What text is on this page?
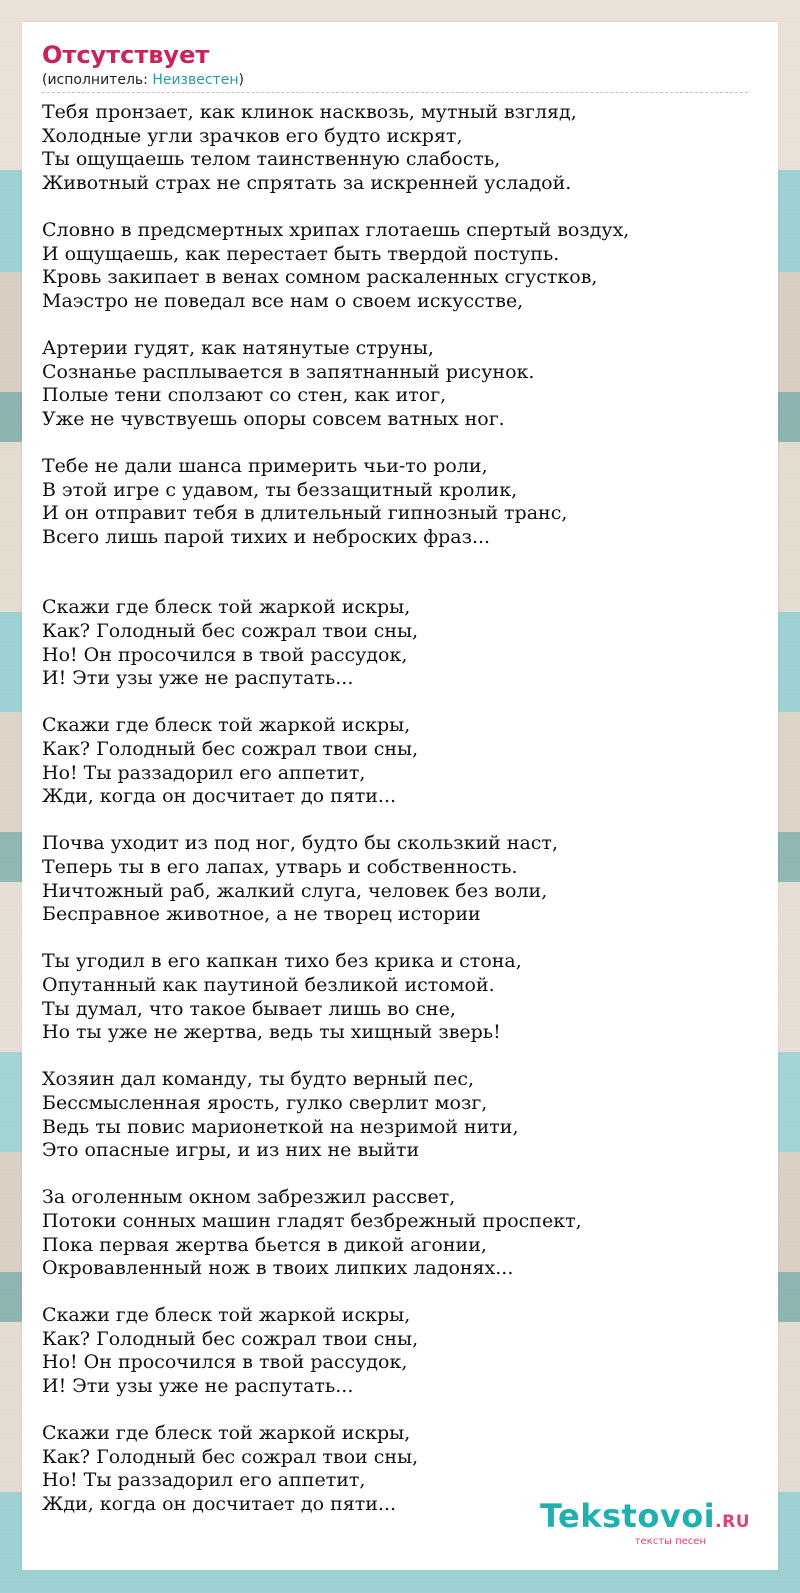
Отсутствует
(исполнитель: Неизвестен)
Тебя пронзает, как клинок насквозь, мутный взгляд,
Холодные угли зрачков его будто искрят,
Ты ощущаешь телом таинственную слабость,
Животный страх не спрятать за искренней усладой.
Словно в предсмертных хрипах глотаешь спертый воздух,
И ощущаешь, как перестает быть твердой поступь.
Кровь закипает в венах сомном раскаленных сгустков,
Маэстро не поведал все нам о своем искусстве,
Артерии гудят, как натянутые струны,
Сознанье расплывается в запятнанный рисунок.
Полые тени сползают со стен, как итог,
Уже не чувствуешь опоры совсем ватных ног.
Тебе не дали шанса примерить чьи-то роли,
В этой игре с удавом, ты беззащитный кролик,
И он отправит тебя в длительный гипнозный транс,
Всего лишь парой тихих и неброских фраз...
Скажи где блеск той жаркой искры,
Как? Голодный бес сожрал твои сны,
Но! Он просочился в твой рассудок,
И! Эти узы уже не распутать...
Скажи где блеск той жаркой искры,
Как? Голодный бес сожрал твои сны,
Но! Ты раззадорил его аппетит,
Жди, когда он досчитает до пяти...
Почва уходит из под ног, будто бы скользкий наст,
Теперь ты в его лапах, утварь и собственность.
Ничтожный раб, жалкий слуга, человек без воли,
Бесправное животное, а не творец истории
Ты угодил в его капкан тихо без крика и стона,
Опутанный как паутиной безликой истомой.
Ты думал, что такое бывает лишь во сне,
Но ты уже не жертва, ведь ты хищный зверь!
Хозяин дал команду, ты будто верный пес,
Бессмысленная ярость, гулко сверлит мозг,
Ведь ты повис марионеткой на незримой нити,
Это опасные игры, и из них не выйти
За оголенным окном забрезжил рассвет,
Потоки сонных машин гладят безбрежный проспект,
Пока первая жертва бьется в дикой агонии,
Окровавленный нож в твоих липких ладонях...
Скажи где блеск той жаркой искры,
Как? Голодный бес сожрал твои сны,
Но! Он просочился в твой рассудок,
И! Эти узы уже не распутать...
Скажи где блеск той жаркой искры,
Как? Голодный бес сожрал твои сны,
Но! Ты раззадорил его аппетит,
Жди, когда он досчитает до пяти...	Tekstovoi.RU
тексты песен
